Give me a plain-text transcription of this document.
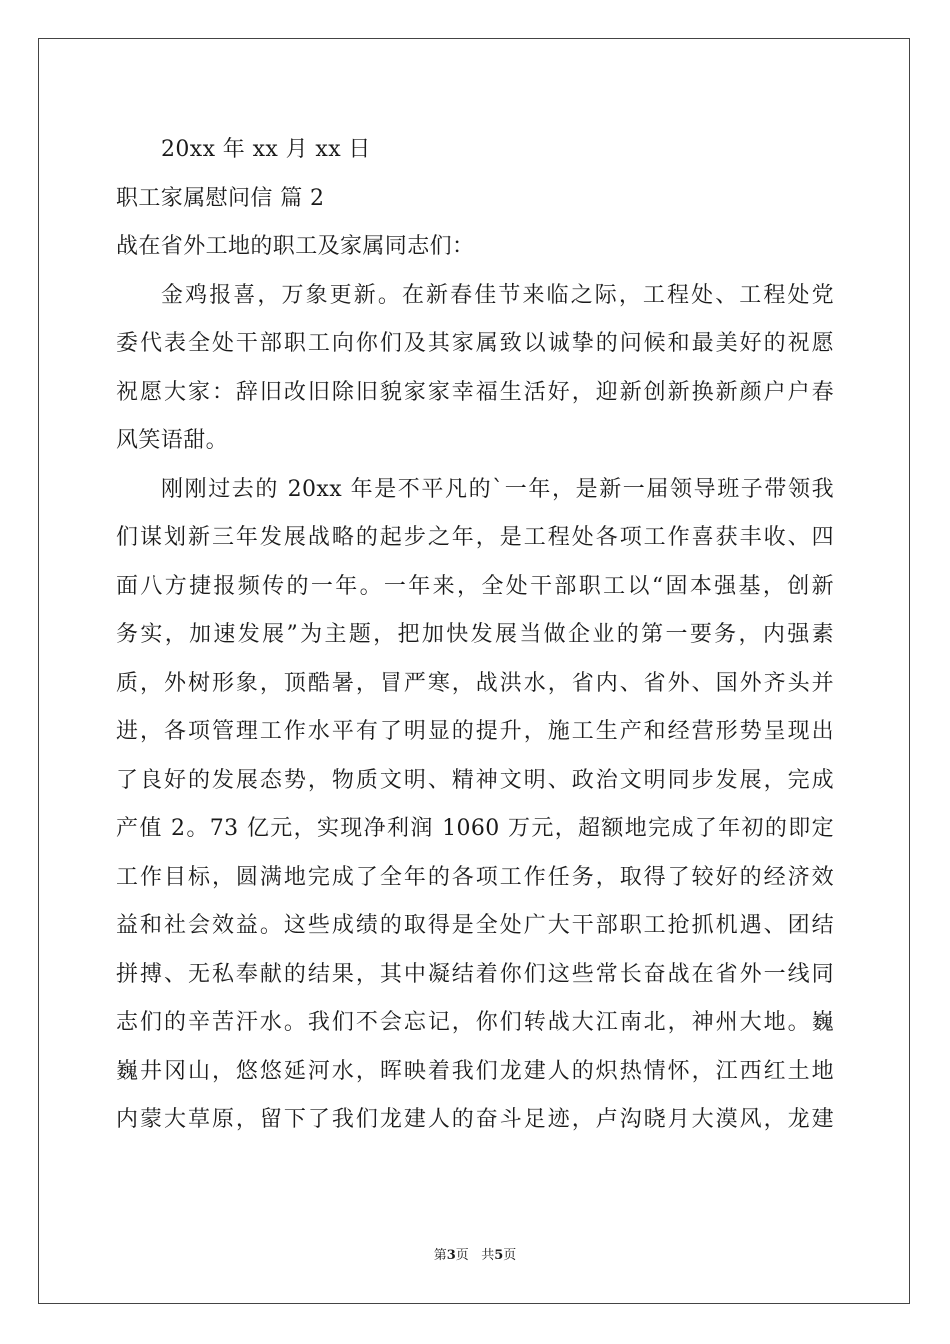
20xx 年 xx 月 xx 日
职工家属慰问信 篇 2
战在省外工地的职工及家属同志们：
金鸡报喜，万象更新。在新春佳节来临之际，工程处、工程处党
委代表全处干部职工向你们及其家属致以诚挚的问候和最美好的祝愿
祝愿大家：辞旧改旧除旧貌家家幸福生活好，迎新创新换新颜户户春
风笑语甜。
刚刚过去的 20xx 年是不平凡的`一年，是新一届领导班子带领我
们谋划新三年发展战略的起步之年，是工程处各项工作喜获丰收、四
面八方捷报频传的一年。一年来，全处干部职工以“固本强基，创新
务实，加速发展”为主题，把加快发展当做企业的第一要务，内强素
质，外树形象，顶酷暑，冒严寒，战洪水，省内、省外、国外齐头并
进，各项管理工作水平有了明显的提升，施工生产和经营形势呈现出
了良好的发展态势，物质文明、精神文明、政治文明同步发展，完成
产值 2。73 亿元，实现净利润 1060 万元，超额地完成了年初的即定
工作目标，圆满地完成了全年的各项工作任务，取得了较好的经济效
益和社会效益。这些成绩的取得是全处广大干部职工抢抓机遇、团结
拼搏、无私奉献的结果，其中凝结着你们这些常长奋战在省外一线同
志们的辛苦汗水。我们不会忘记，你们转战大江南北，神州大地。巍
巍井冈山，悠悠延河水，晖映着我们龙建人的炽热情怀，江西红土地
内蒙大草原，留下了我们龙建人的奋斗足迹，卢沟晓月大漠风，龙建
第3页 共5页
